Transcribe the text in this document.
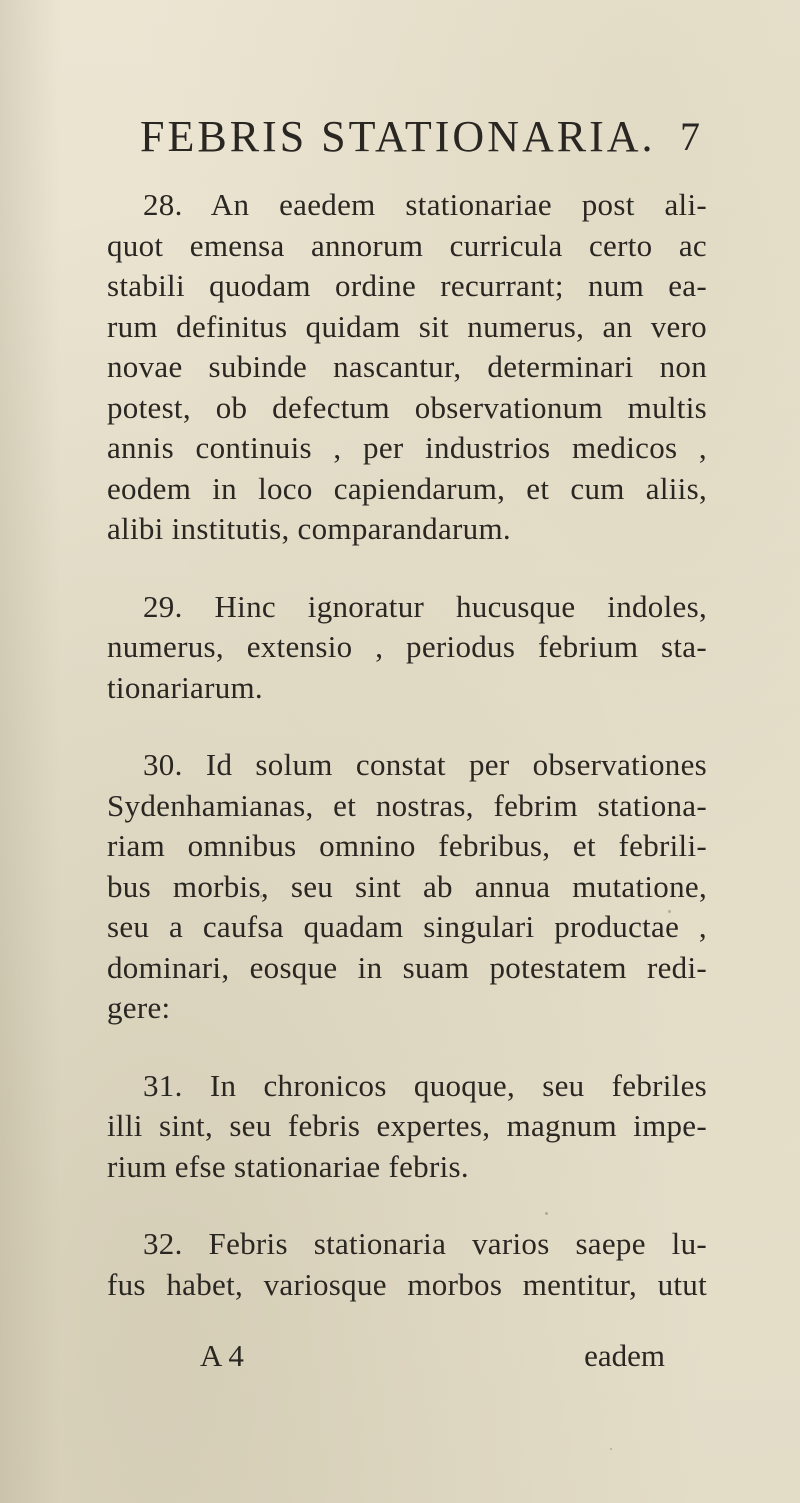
FEBRIS STATIONARIA. 7
28. An eaedem stationariae post ali-
quot emensa annorum curricula certo ac
stabili quodam ordine recurrant; num ea-
rum definitus quidam sit numerus, an vero
novae subinde nascantur, determinari non
potest, ob defectum observationum multis
annis continuis , per industrios medicos ,
eodem in loco capiendarum, et cum aliis,
alibi institutis, comparandarum.
29. Hinc ignoratur hucusque indoles,
numerus, extensio , periodus febrium sta-
tionariarum.
30. Id solum constat per observationes
Sydenhamianas, et nostras, febrim stationa-
riam omnibus omnino febribus, et febrili-
bus morbis, seu sint ab annua mutatione,
seu a caufsa quadam singulari productae ,
dominari, eosque in suam potestatem redi-
gere:
31. In chronicos quoque, seu febriles
illi sint, seu febris expertes, magnum impe-
rium efse stationariae febris.
32. Febris stationaria varios saepe lu-
fus habet, variosque morbos mentitur, utut
A 4	eadem
